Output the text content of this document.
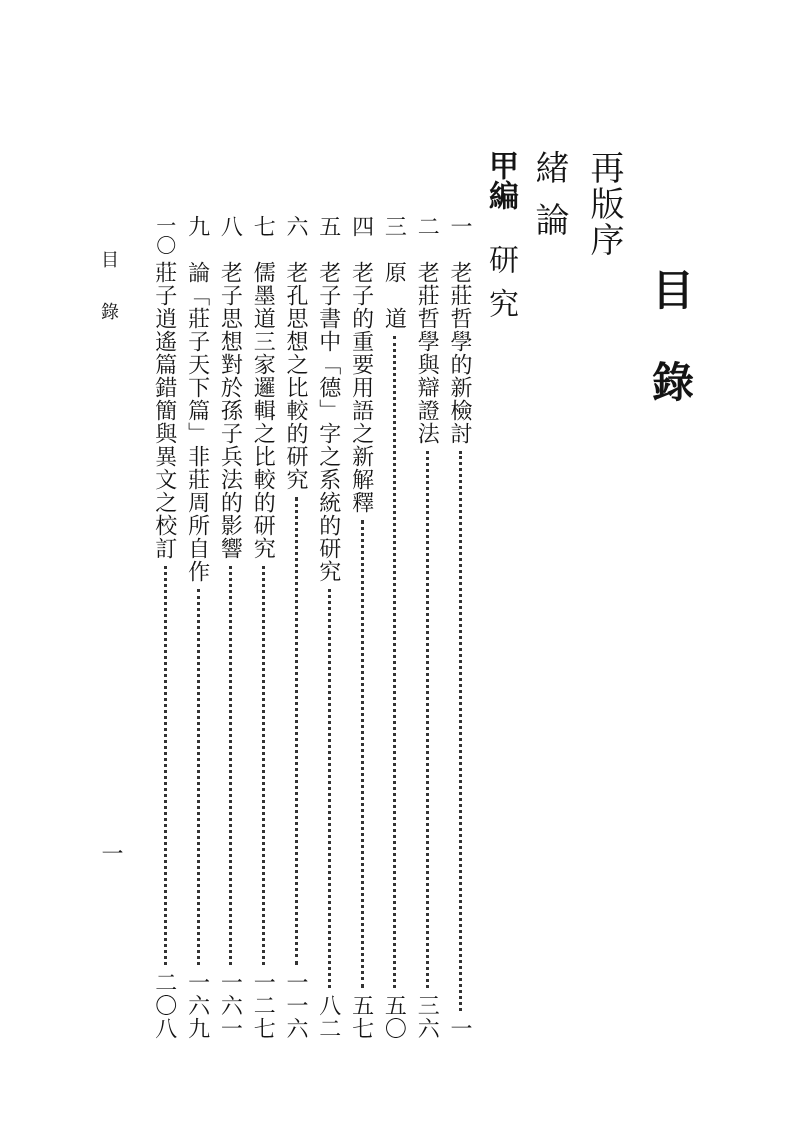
目錄
再版序
緒論
甲編研究
一
老莊哲學的新檢討
一
二
老莊哲學與辯證法
三六
三
原　道
五〇
四
老子的重要用語之新解釋
五七
五
老子書中「德」字之系統的研究
八二
六
老孔思想之比較的研究
一一六
七
儒墨道三家邏輯之比較的研究
一二七
八
老子思想對於孫子兵法的影響
一六一
九
論「莊子天下篇」非莊周所自作
一六九
一〇
莊子逍遙篇錯簡與異文之校訂
二〇八
目錄
一
